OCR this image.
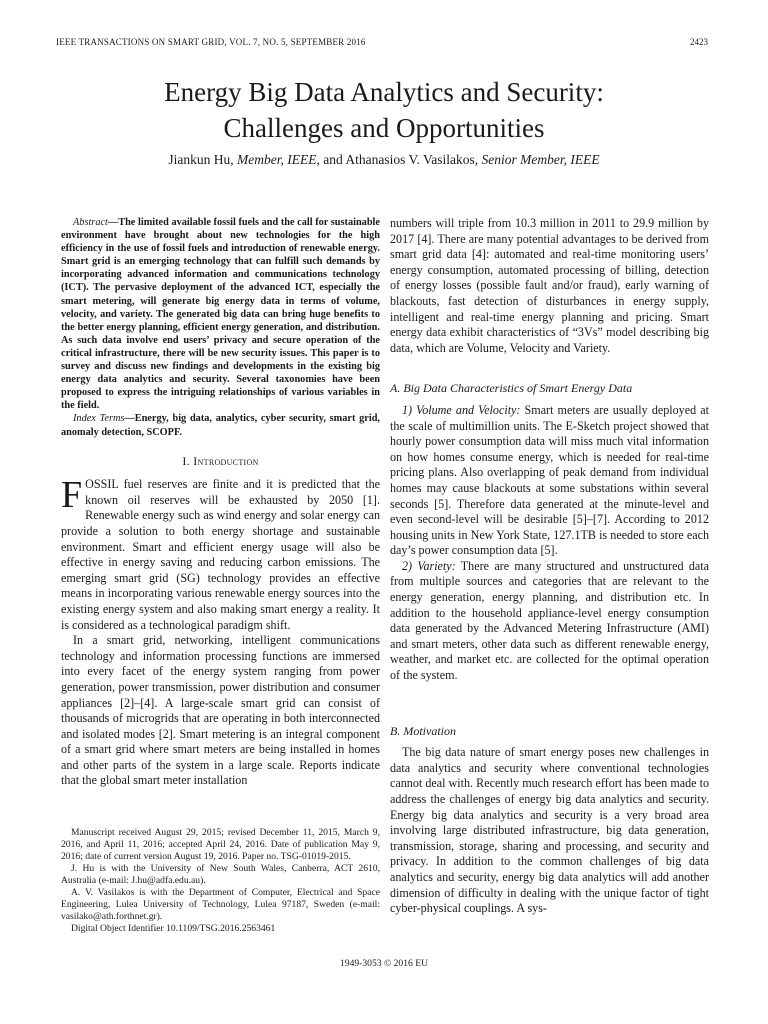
IEEE TRANSACTIONS ON SMART GRID, VOL. 7, NO. 5, SEPTEMBER 2016	2423
Energy Big Data Analytics and Security:
Challenges and Opportunities
Jiankun Hu, Member, IEEE, and Athanasios V. Vasilakos, Senior Member, IEEE

Abstract—The limited available fossil fuels and the call for sustainable environment have brought about new technologies for the high efficiency in the use of fossil fuels and introduction of renewable energy. Smart grid is an emerging technology that can fulfill such demands by incorporating advanced information and communications technology (ICT). The pervasive deployment of the advanced ICT, especially the smart metering, will generate big energy data in terms of volume, velocity, and variety. The generated big data can bring huge benefits to the better energy planning, efficient energy generation, and distribution. As such data involve end users’ privacy and secure operation of the critical infrastructure, there will be new security issues. This paper is to survey and discuss new findings and developments in the existing big energy data analytics and security. Several taxonomies have been proposed to express the intriguing relationships of various variables in the field.

Index Terms—Energy, big data, analytics, cyber security, smart grid, anomaly detection, SCOPF.

I. Introduction

FOSSIL fuel reserves are finite and it is predicted that the known oil reserves will be exhausted by 2050 [1]. Renewable energy such as wind energy and solar energy can provide a solution to both energy shortage and sustainable environment. Smart and efficient energy usage will also be effective in energy saving and reducing carbon emissions. The emerging smart grid (SG) technology provides an effective means in incorporating various renewable energy sources into the existing energy system and also making smart energy a reality. It is considered as a technological paradigm shift.

In a smart grid, networking, intelligent communications technology and information processing functions are immersed into every facet of the energy system ranging from power generation, power transmission, power distribution and consumer appliances [2]–[4]. A large-scale smart grid can consist of thousands of microgrids that are operating in both interconnected and isolated modes [2]. Smart metering is an integral component of a smart grid where smart meters are being installed in homes and other parts of the system in a large scale. Reports indicate that the global smart meter installation

Manuscript received August 29, 2015; revised December 11, 2015, March 9, 2016, and April 11, 2016; accepted April 24, 2016. Date of publication May 9, 2016; date of current version August 19, 2016. Paper no. TSG-01019-2015.

J. Hu is with the University of New South Wales, Canberra, ACT 2610, Australia (e-mail: J.hu@adfa.edu.au).

A. V. Vasilakos is with the Department of Computer, Electrical and Space Engineering, Lulea University of Technology, Lulea 97187, Sweden (e-mail: vasilako@ath.forthnet.gr).

Digital Object Identifier 10.1109/TSG.2016.2563461

numbers will triple from 10.3 million in 2011 to 29.9 million by 2017 [4]. There are many potential advantages to be derived from smart grid data [4]: automated and real-time monitoring users’ energy consumption, automated processing of billing, detection of energy losses (possible fault and/or fraud), early warning of blackouts, fast detection of disturbances in energy supply, intelligent and real-time energy planning and pricing. Smart energy data exhibit characteristics of “3Vs” model describing big data, which are Volume, Velocity and Variety.

A. Big Data Characteristics of Smart Energy Data

1) Volume and Velocity: Smart meters are usually deployed at the scale of multimillion units. The E-Sketch project showed that hourly power consumption data will miss much vital information on how homes consume energy, which is needed for real-time pricing plans. Also overlapping of peak demand from individual homes may cause blackouts at some substations within several seconds [5]. Therefore data generated at the minute-level and even second-level will be desirable [5]–[7]. According to 2012 housing units in New York State, 127.1TB is needed to store each day’s power consumption data [5].

2) Variety: There are many structured and unstructured data from multiple sources and categories that are relevant to the energy generation, energy planning, and distribution etc. In addition to the household appliance-level energy consumption data generated by the Advanced Metering Infrastructure (AMI) and smart meters, other data such as different renewable energy, weather, and market etc. are collected for the optimal operation of the system.

B. Motivation

The big data nature of smart energy poses new challenges in data analytics and security where conventional technologies cannot deal with. Recently much research effort has been made to address the challenges of energy big data analytics and security. Energy big data analytics and security is a very broad area involving large distributed infrastructure, big data generation, transmission, storage, sharing and processing, and security and privacy. In addition to the common challenges of big data analytics and security, energy big data analytics will add another dimension of difficulty in dealing with the unique factor of tight cyber-physical couplings. A sys-

1949-3053 © 2016 EU
